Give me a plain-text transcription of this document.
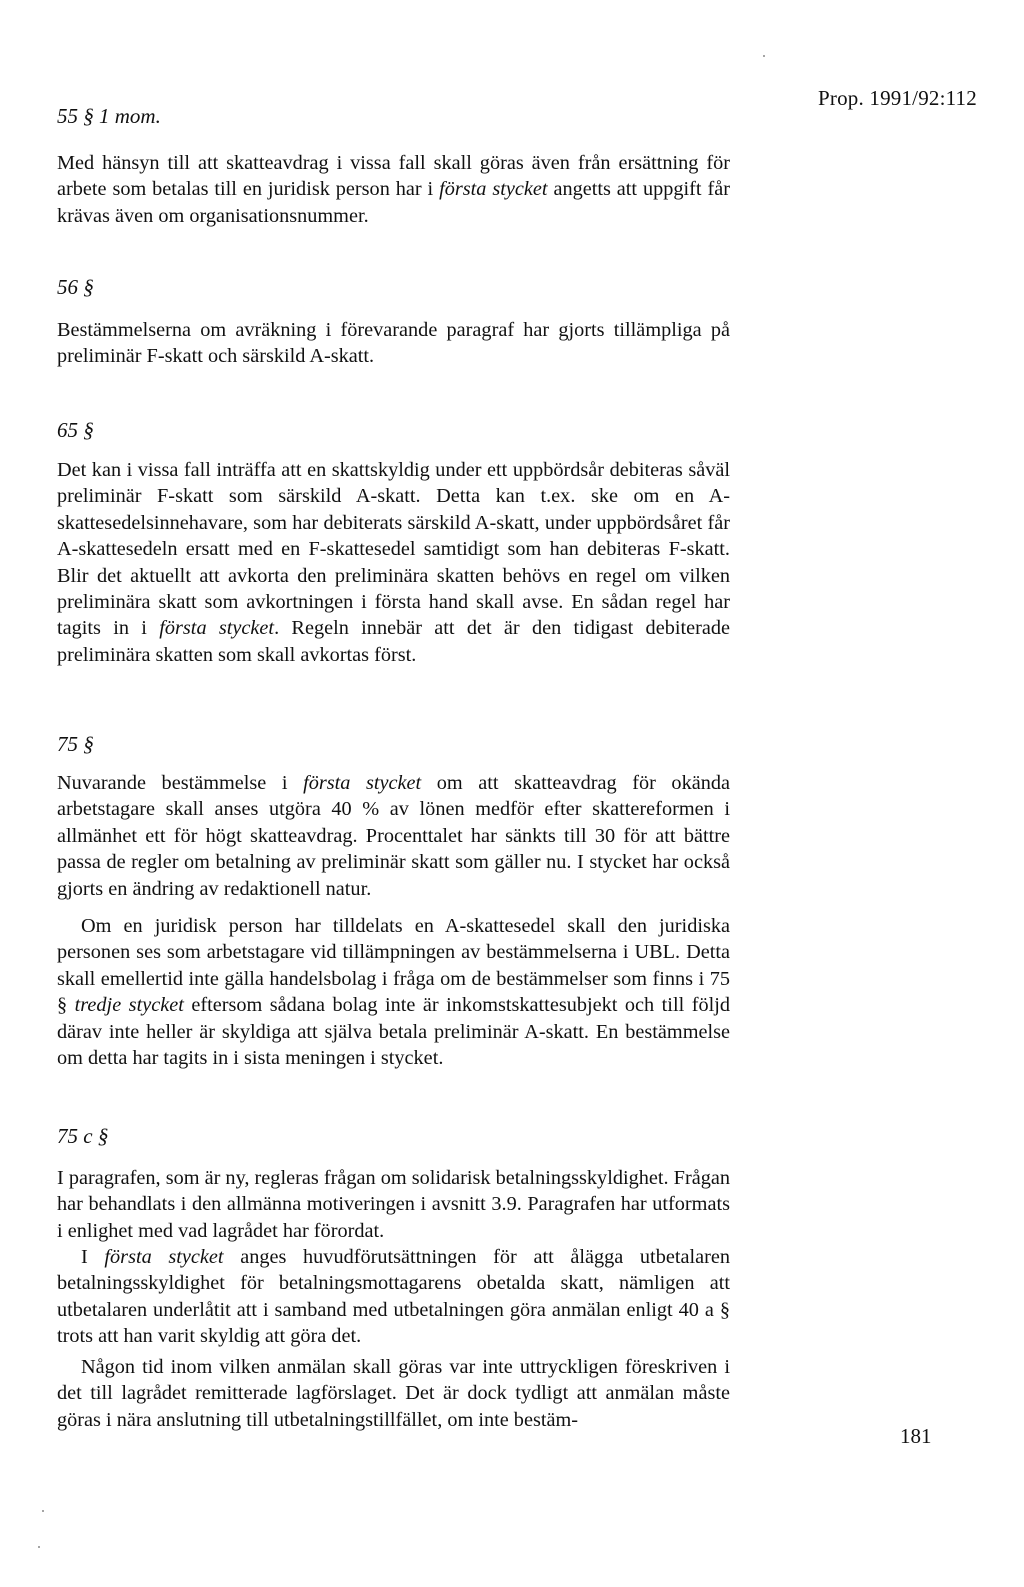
Prop. 1991/92:112
55 § 1 mom.

Med hänsyn till att skatteavdrag i vissa fall skall göras även från ersättning för arbete som betalas till en juridisk person har i första stycket angetts att uppgift får krävas även om organisationsnummer.

56 §

Bestämmelserna om avräkning i förevarande paragraf har gjorts tillämpliga på preliminär F-skatt och särskild A-skatt.

65 §

Det kan i vissa fall inträffa att en skattskyldig under ett uppbördsår debiteras såväl preliminär F-skatt som särskild A-skatt. Detta kan t.ex. ske om en A-skattesedelsinnehavare, som har debiterats särskild A-skatt, under uppbördsåret får A-skattesedeln ersatt med en F-skattesedel samtidigt som han debiteras F-skatt. Blir det aktuellt att avkorta den preliminära skatten behövs en regel om vilken preliminära skatt som avkortningen i första hand skall avse. En sådan regel har tagits in i första stycket. Regeln innebär att det är den tidigast debiterade preliminära skatten som skall avkortas först.

75 §

Nuvarande bestämmelse i första stycket om att skatteavdrag för okända arbetstagare skall anses utgöra 40 % av lönen medför efter skattereformen i allmänhet ett för högt skatteavdrag. Procenttalet har sänkts till 30 för att bättre passa de regler om betalning av preliminär skatt som gäller nu. I stycket har också gjorts en ändring av redaktionell natur.

Om en juridisk person har tilldelats en A-skattesedel skall den juridiska personen ses som arbetstagare vid tillämpningen av bestämmelserna i UBL. Detta skall emellertid inte gälla handelsbolag i fråga om de bestämmelser som finns i 75 § tredje stycket eftersom sådana bolag inte är inkomstskattesubjekt och till följd därav inte heller är skyldiga att själva betala preliminär A-skatt. En bestämmelse om detta har tagits in i sista meningen i stycket.

75 c §

I paragrafen, som är ny, regleras frågan om solidarisk betalningsskyldighet. Frågan har behandlats i den allmänna motiveringen i avsnitt 3.9. Paragrafen har utformats i enlighet med vad lagrådet har förordat.

I första stycket anges huvudförutsättningen för att ålägga utbetalaren betalningsskyldighet för betalningsmottagarens obetalda skatt, nämligen att utbetalaren underlåtit att i samband med utbetalningen göra anmälan enligt 40 a § trots att han varit skyldig att göra det.

Någon tid inom vilken anmälan skall göras var inte uttryckligen föreskriven i det till lagrådet remitterade lagförslaget. Det är dock tydligt att anmälan måste göras i nära anslutning till utbetalningstillfället, om inte bestäm-

181
